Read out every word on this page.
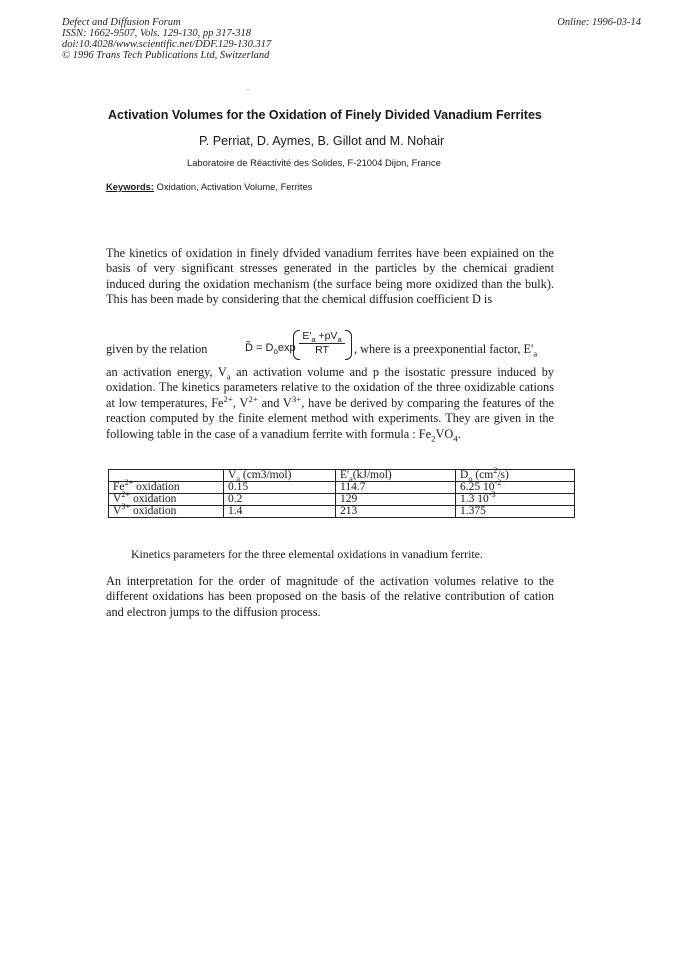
Defect and Diffusion Forum
ISSN: 1662-9507, Vols. 129-130, pp 317-318
doi:10.4028/www.scientific.net/DDF.129-130.317
© 1996 Trans Tech Publications Ltd, Switzerland
Online: 1996-03-14
Activation Volumes for the Oxidation of Finely Divided Vanadium Ferrites
P. Perriat, D. Aymes, B. Gillot and M. Nohair
Laboratoire de Réactivité des Solides, F-21004 Dijon, France
Keywords: Oxidation, Activation Volume, Ferrites
The kinetics of oxidation in finely dfvided vanadium ferrites have been expiained on the basis of very significant stresses generated in the particles by the chemicai gradient induced during the oxidation mechanism (the surface being more oxidized than the bulk). This has been made by considering that the chemical diffusion coefficient D is
given by the relation	D̃ = $D_o\exp$
$E'_a +pV_a$
RT	, where is a preexponential factor, $E'_a$
an activation energy, $V_a$ an activation volume and p the isostatic pressure induced by oxidation. The kinetics parameters relative to the oxidation of the three oxidizable cations at low temperatures, $Fe^{2+}$, $V^{2+}$ and $V^{3+}$, have be derived by comparing the features of the reaction computed by the finite element method with experiments. They are given in the following table in the case of a vanadium ferrite with formula : $Fe_2VO_4$.
	$V_a$ (cm3/mol)	$E'_a(kJ/mol)$	$D_o$ $(cm^2/s)$
$Fe^{2+}$ oxidation	0.15	114.7	6.25 $10^{-2}$
$V^{2+}$ oxidation	0.2	129	1.3 $10^{-3}$
$V^{3+}$ oxidation	1.4	213	1.375
Kinetics parameters for the three elemental oxidations in vanadium ferrite.
An interpretation for the order of magnitude of the activation volumes relative to the different oxidations has been proposed on the basis of the relative contribution of cation and electron jumps to the diffusion process.
